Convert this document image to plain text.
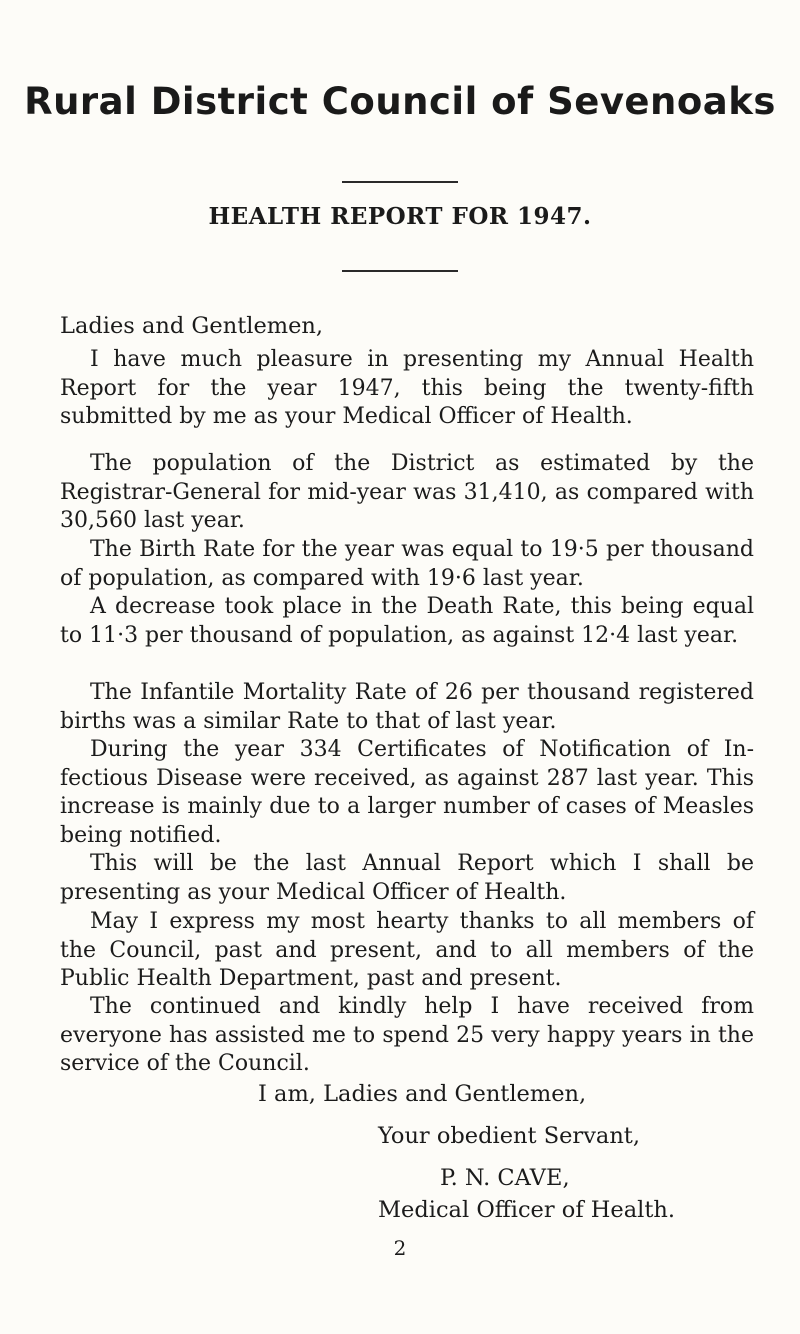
Rural District Council of Sevenoaks
HEALTH REPORT FOR 1947.
Ladies and Gentlemen,

I have much pleasure in presenting my Annual Health Report for the year 1947, this being the twenty-fifth submitted by me as your Medical Officer of Health.

The population of the District as estimated by the Registrar-General for mid-year was 31,410, as compared with 30,560 last year.

The Birth Rate for the year was equal to 19·5 per thousand of population, as compared with 19·6 last year.

A decrease took place in the Death Rate, this being equal to 11·3 per thousand of population, as against 12·4 last year.

The Infantile Mortality Rate of 26 per thousand registered births was a similar Rate to that of last year.

During the year 334 Certificates of Notification of Infectious Disease were received, as against 287 last year. This increase is mainly due to a larger number of cases of Measles being notified.

This will be the last Annual Report which I shall be presenting as your Medical Officer of Health.

May I express my most hearty thanks to all members of the Council, past and present, and to all members of the Public Health Department, past and present.

The continued and kindly help I have received from everyone has assisted me to spend 25 very happy years in the service of the Council.

I am, Ladies and Gentlemen,
Your obedient Servant,
P. N. CAVE,
Medical Officer of Health.
2
